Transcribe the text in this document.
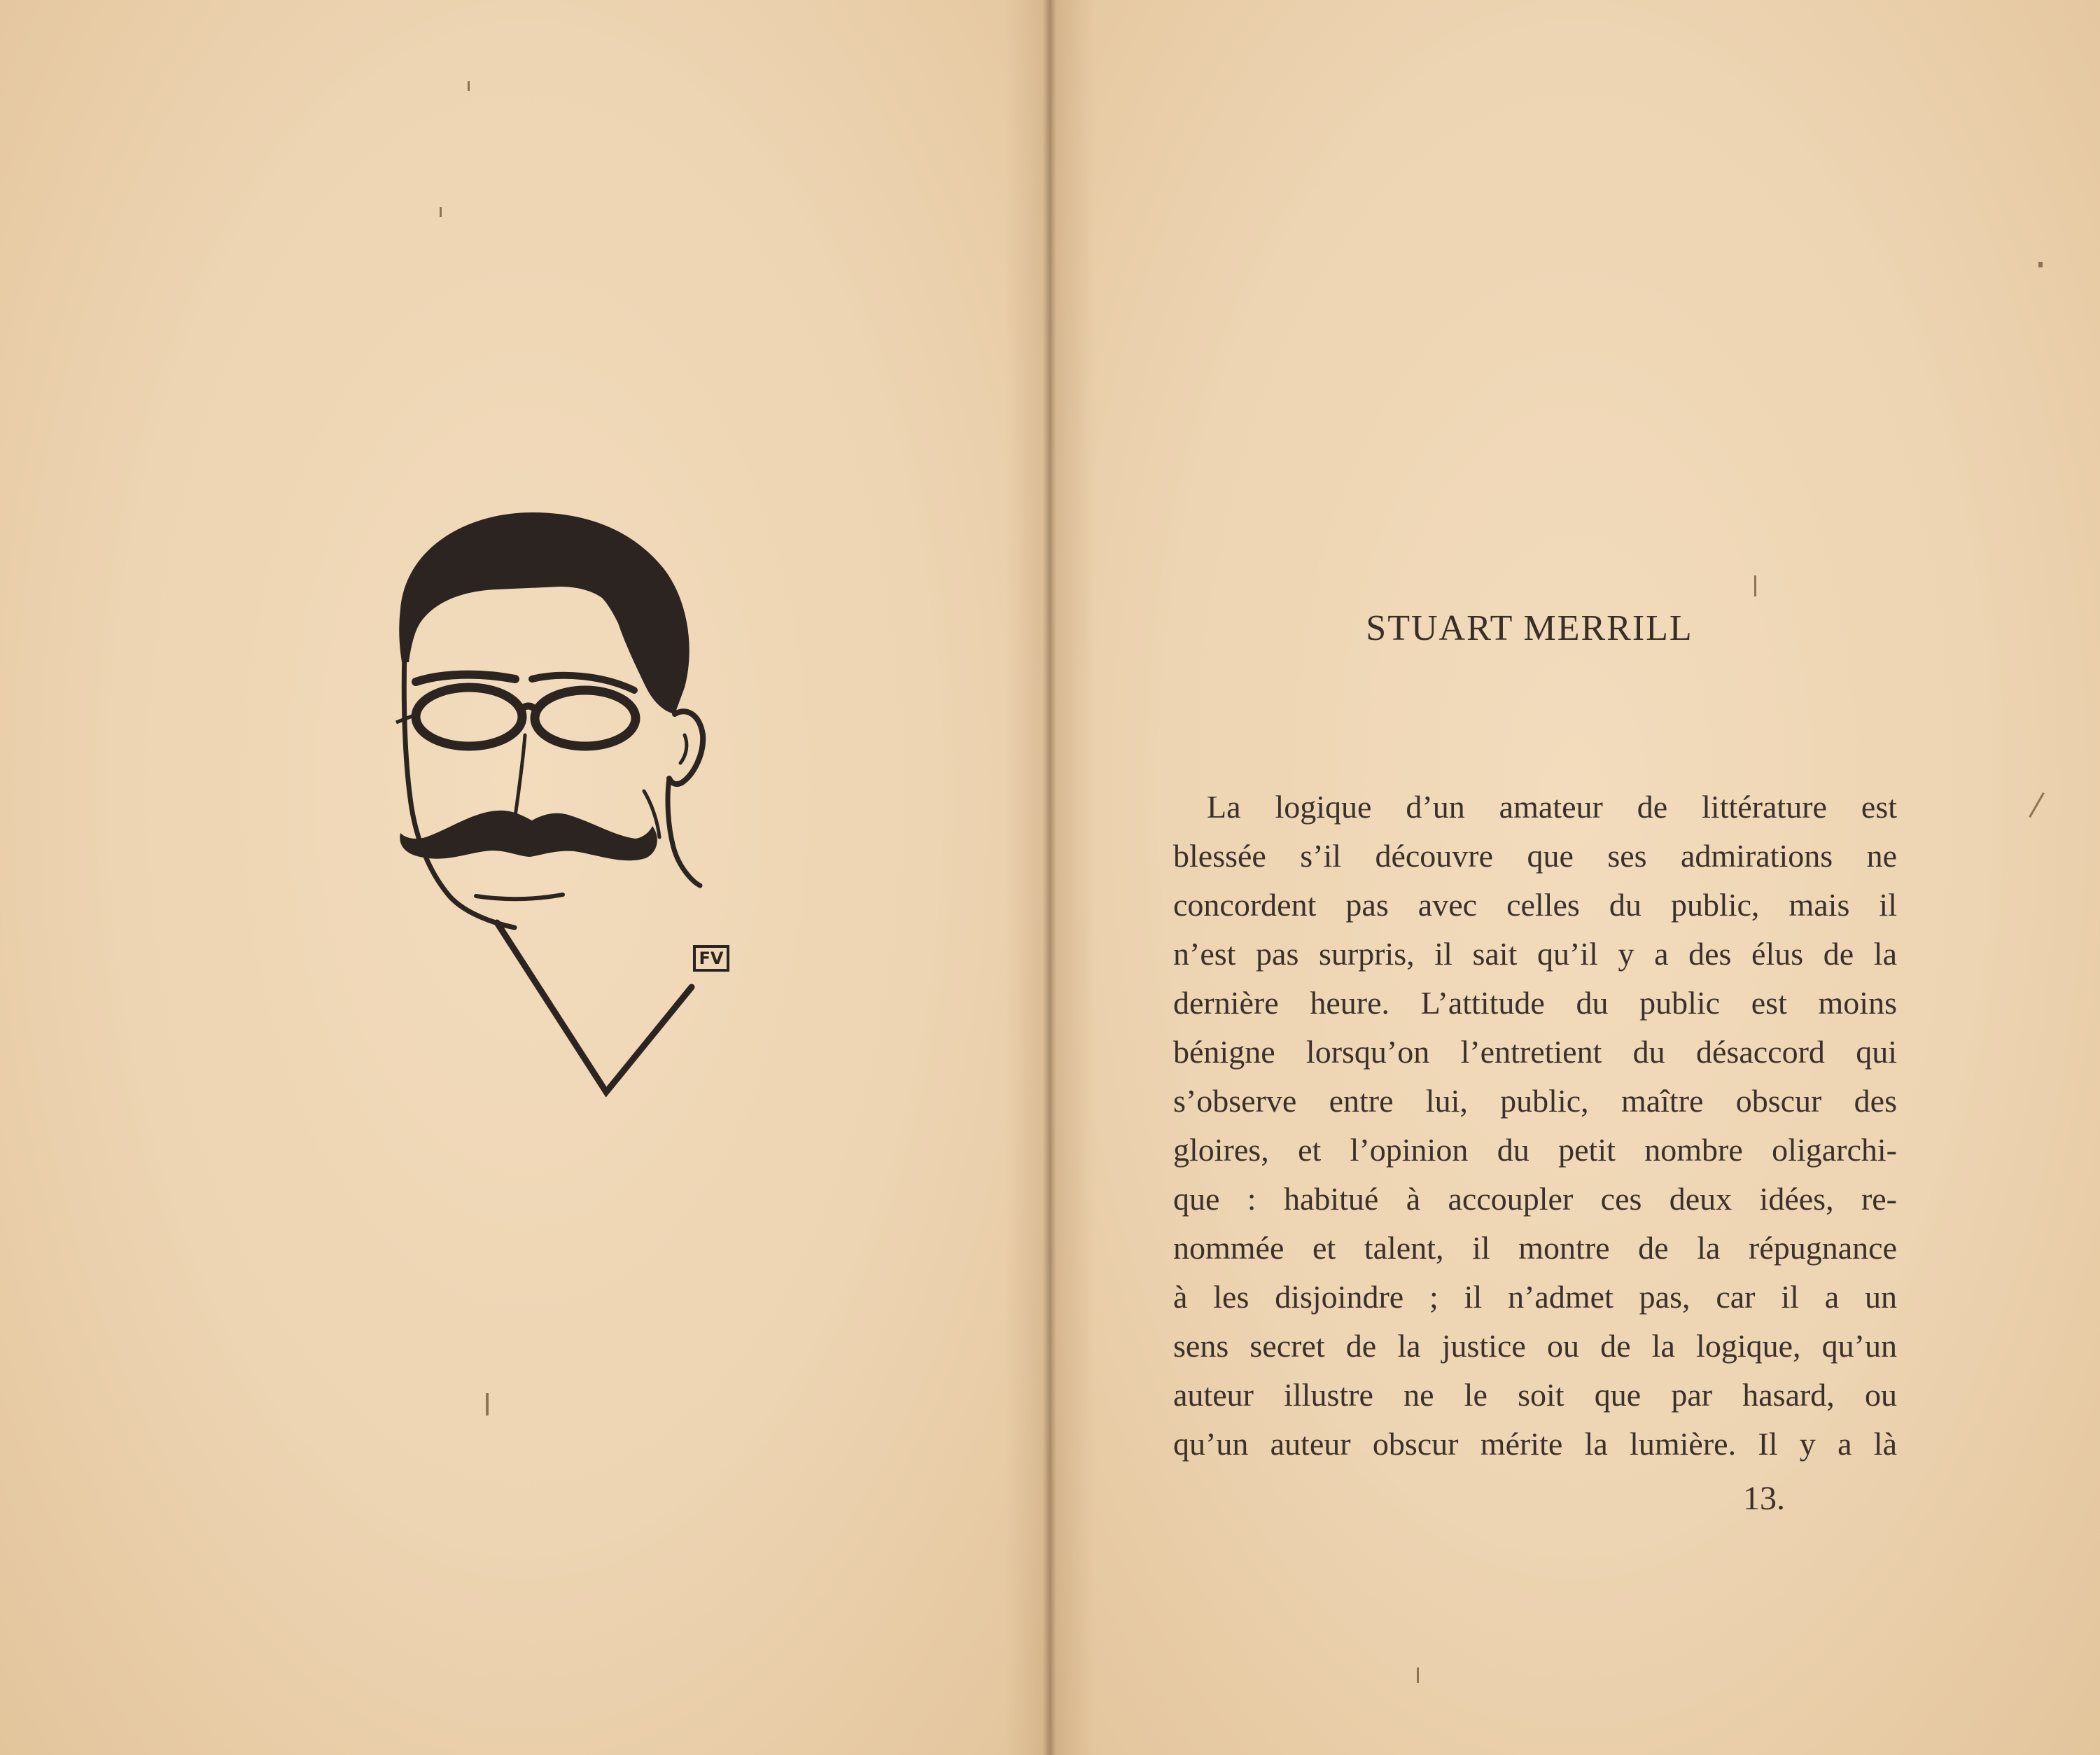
FV
STUART MERRILL
La logique d’un amateur de littérature est
blessée s’il découvre que ses admirations ne
concordent pas avec celles du public, mais il
n’est pas surpris, il sait qu’il y a des élus de la
dernière heure. L’attitude du public est moins
bénigne lorsqu’on l’entretient du désaccord qui
s’observe entre lui, public, maître obscur des
gloires, et l’opinion du petit nombre oligarchi-
que : habitué à accoupler ces deux idées, re-
nommée et talent, il montre de la répugnance
à les disjoindre ; il n’admet pas, car il a un
sens secret de la justice ou de la logique, qu’un
auteur illustre ne le soit que par hasard, ou
qu’un auteur obscur mérite la lumière. Il y a là
13.
